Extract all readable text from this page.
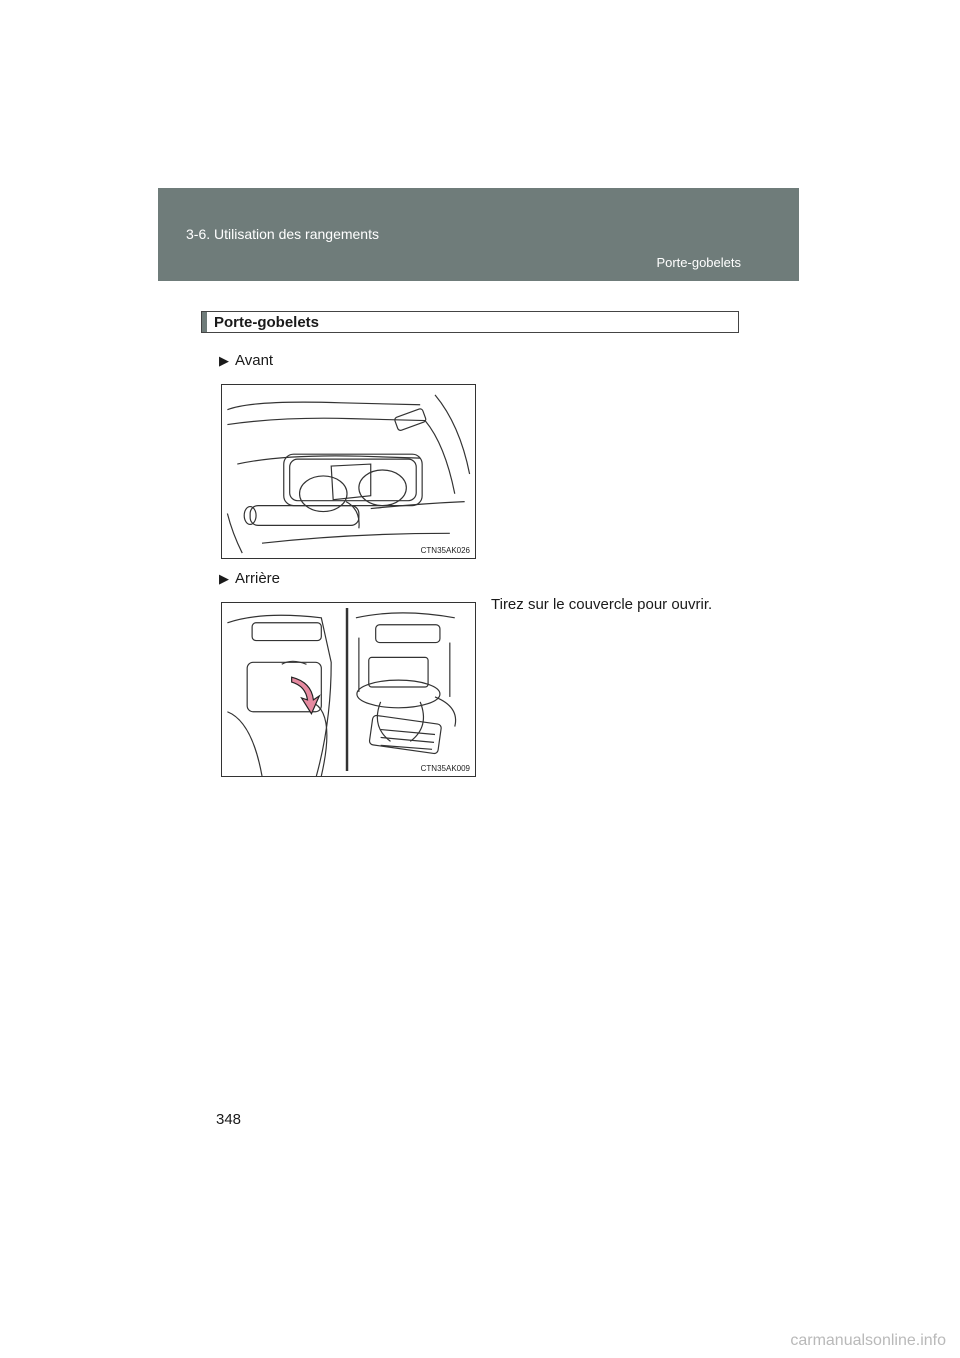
3-6. Utilisation des rangements
Porte-gobelets
Porte-gobelets
▶ Avant
CTN35AK026
▶ Arrière
CTN35AK009
Tirez sur le couvercle pour ouvrir.
348
carmanualsonline.info
